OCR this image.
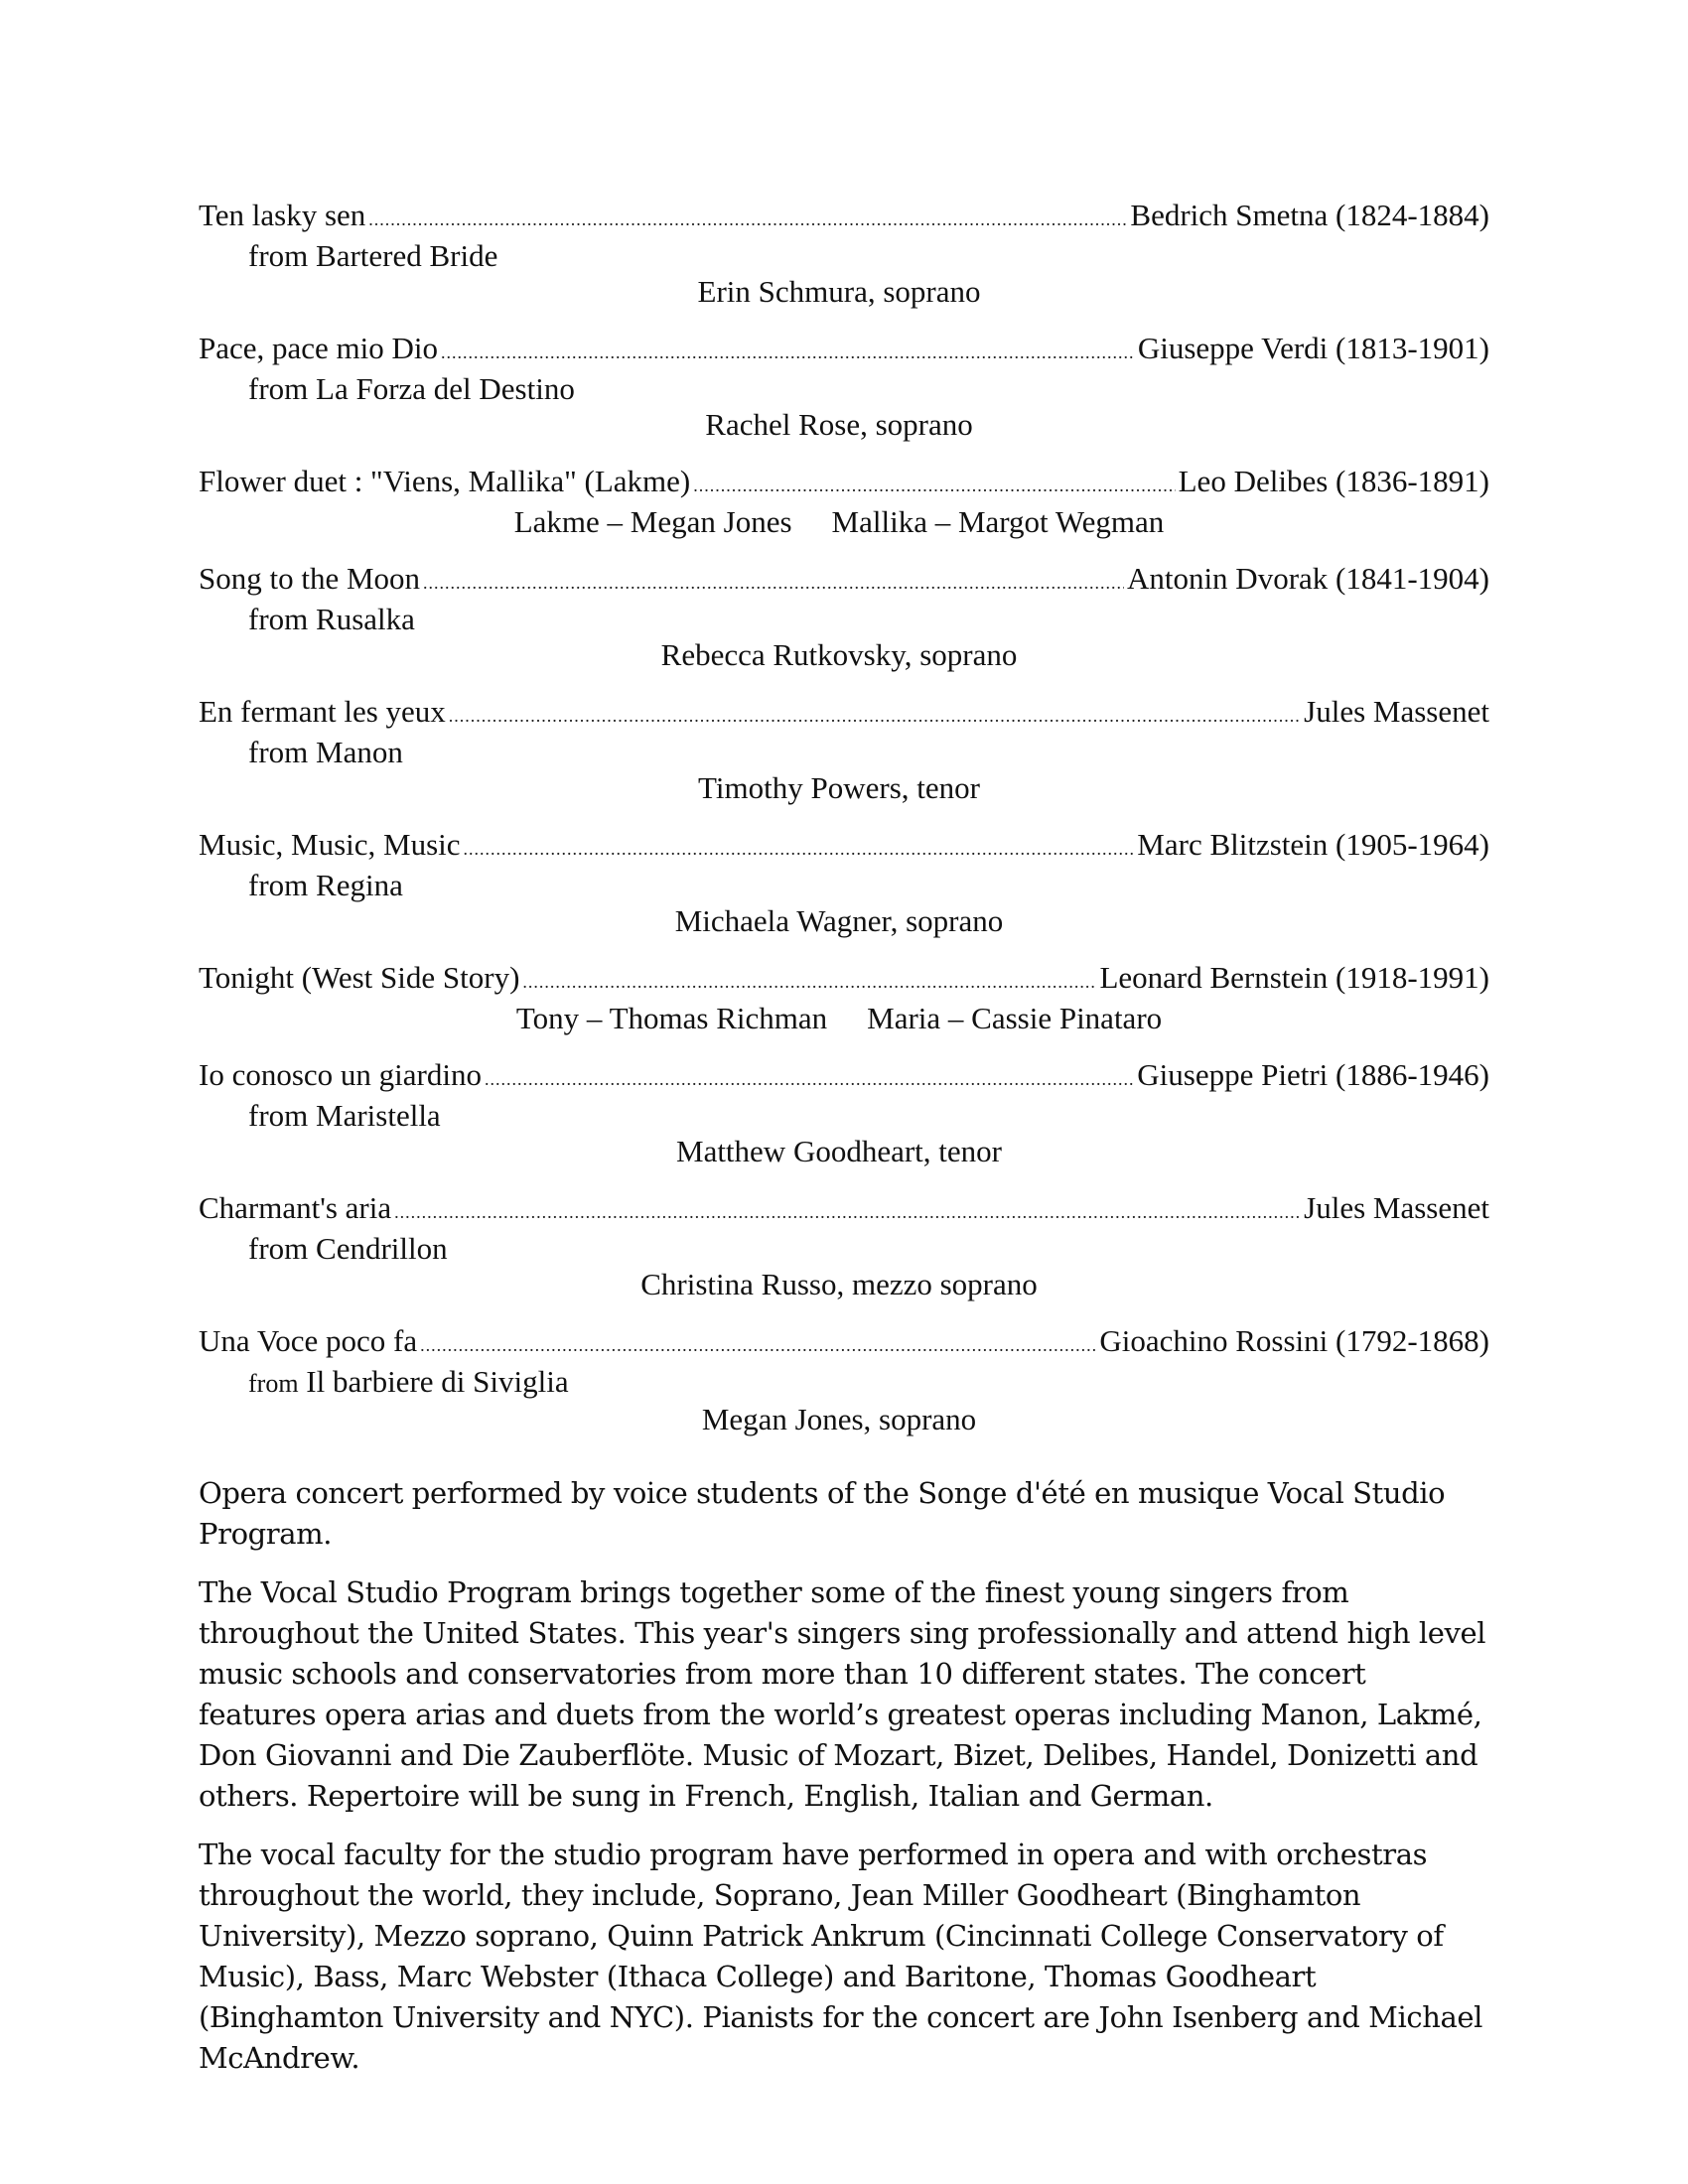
Ten lasky sen .....	Bedrich Smetna (1824-1884)
from Bartered Bride
Erin Schmura, soprano
Pace, pace mio Dio .....	Giuseppe Verdi (1813-1901)
from La Forza del Destino
Rachel Rose, soprano
Flower duet : "Viens, Mallika" (Lakme) .....	Leo Delibes (1836-1891)
Lakme – Megan Jones Mallika – Margot Wegman
Song to the Moon .....	Antonin Dvorak (1841-1904)
from Rusalka
Rebecca Rutkovsky, soprano
En fermant les yeux .....	Jules Massenet
from Manon
Timothy Powers, tenor
Music, Music, Music .....	Marc Blitzstein (1905-1964)
from Regina
Michaela Wagner, soprano
Tonight (West Side Story) .....	Leonard Bernstein (1918-1991)
Tony – Thomas Richman Maria – Cassie Pinataro
Io conosco un giardino .....	Giuseppe Pietri (1886-1946)
from Maristella
Matthew Goodheart, tenor
Charmant's aria .....	Jules Massenet
from Cendrillon
Christina Russo, mezzo soprano
Una Voce poco fa .....	Gioachino Rossini (1792-1868)
from Il barbiere di Siviglia
Megan Jones, soprano

Opera concert performed by voice students of the Songe d'été en musique Vocal Studio Program.

The Vocal Studio Program brings together some of the finest young singers from throughout the United States. This year's singers sing professionally and attend high level music schools and conservatories from more than 10 different states. The concert features opera arias and duets from the world’s greatest operas including Manon, Lakmé, Don Giovanni and Die Zauberflöte. Music of Mozart, Bizet, Delibes, Handel, Donizetti and others. Repertoire will be sung in French, English, Italian and German.

The vocal faculty for the studio program have performed in opera and with orchestras throughout the world, they include, Soprano, Jean Miller Goodheart (Binghamton University), Mezzo soprano, Quinn Patrick Ankrum (Cincinnati College Conservatory of Music), Bass, Marc Webster (Ithaca College) and Baritone, Thomas Goodheart (Binghamton University and NYC). Pianists for the concert are John Isenberg and Michael McAndrew.
